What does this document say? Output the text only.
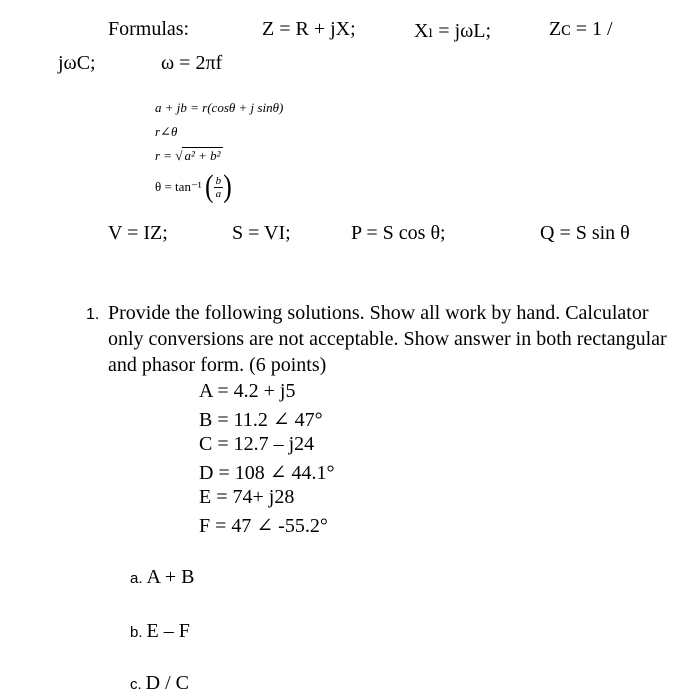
Formulas:	Z = R + jX;	Xₗ = jωL;	Zᴄ = 1 /
jωC;	ω = 2πf
a + jb = r(cosθ + j sinθ)
r∠θ
r = √ a² + b²
θ = tan⁻¹ ( $\frac{b}{a}$ )
V = IZ;	S = VI;	P = S cos θ;	Q = S sin θ
1. Provide the following solutions. Show all work by hand. Calculator only conversions are not acceptable. Show answer in both rectangular and phasor form. (6 points)
A = 4.2 + j5
B = 11.2 ∠ 47°
C = 12.7 – j24
D = 108 ∠ 44.1°
E = 74+ j28
F = 47 ∠ -55.2°
a. A + B
b. E – F
c. D / C
